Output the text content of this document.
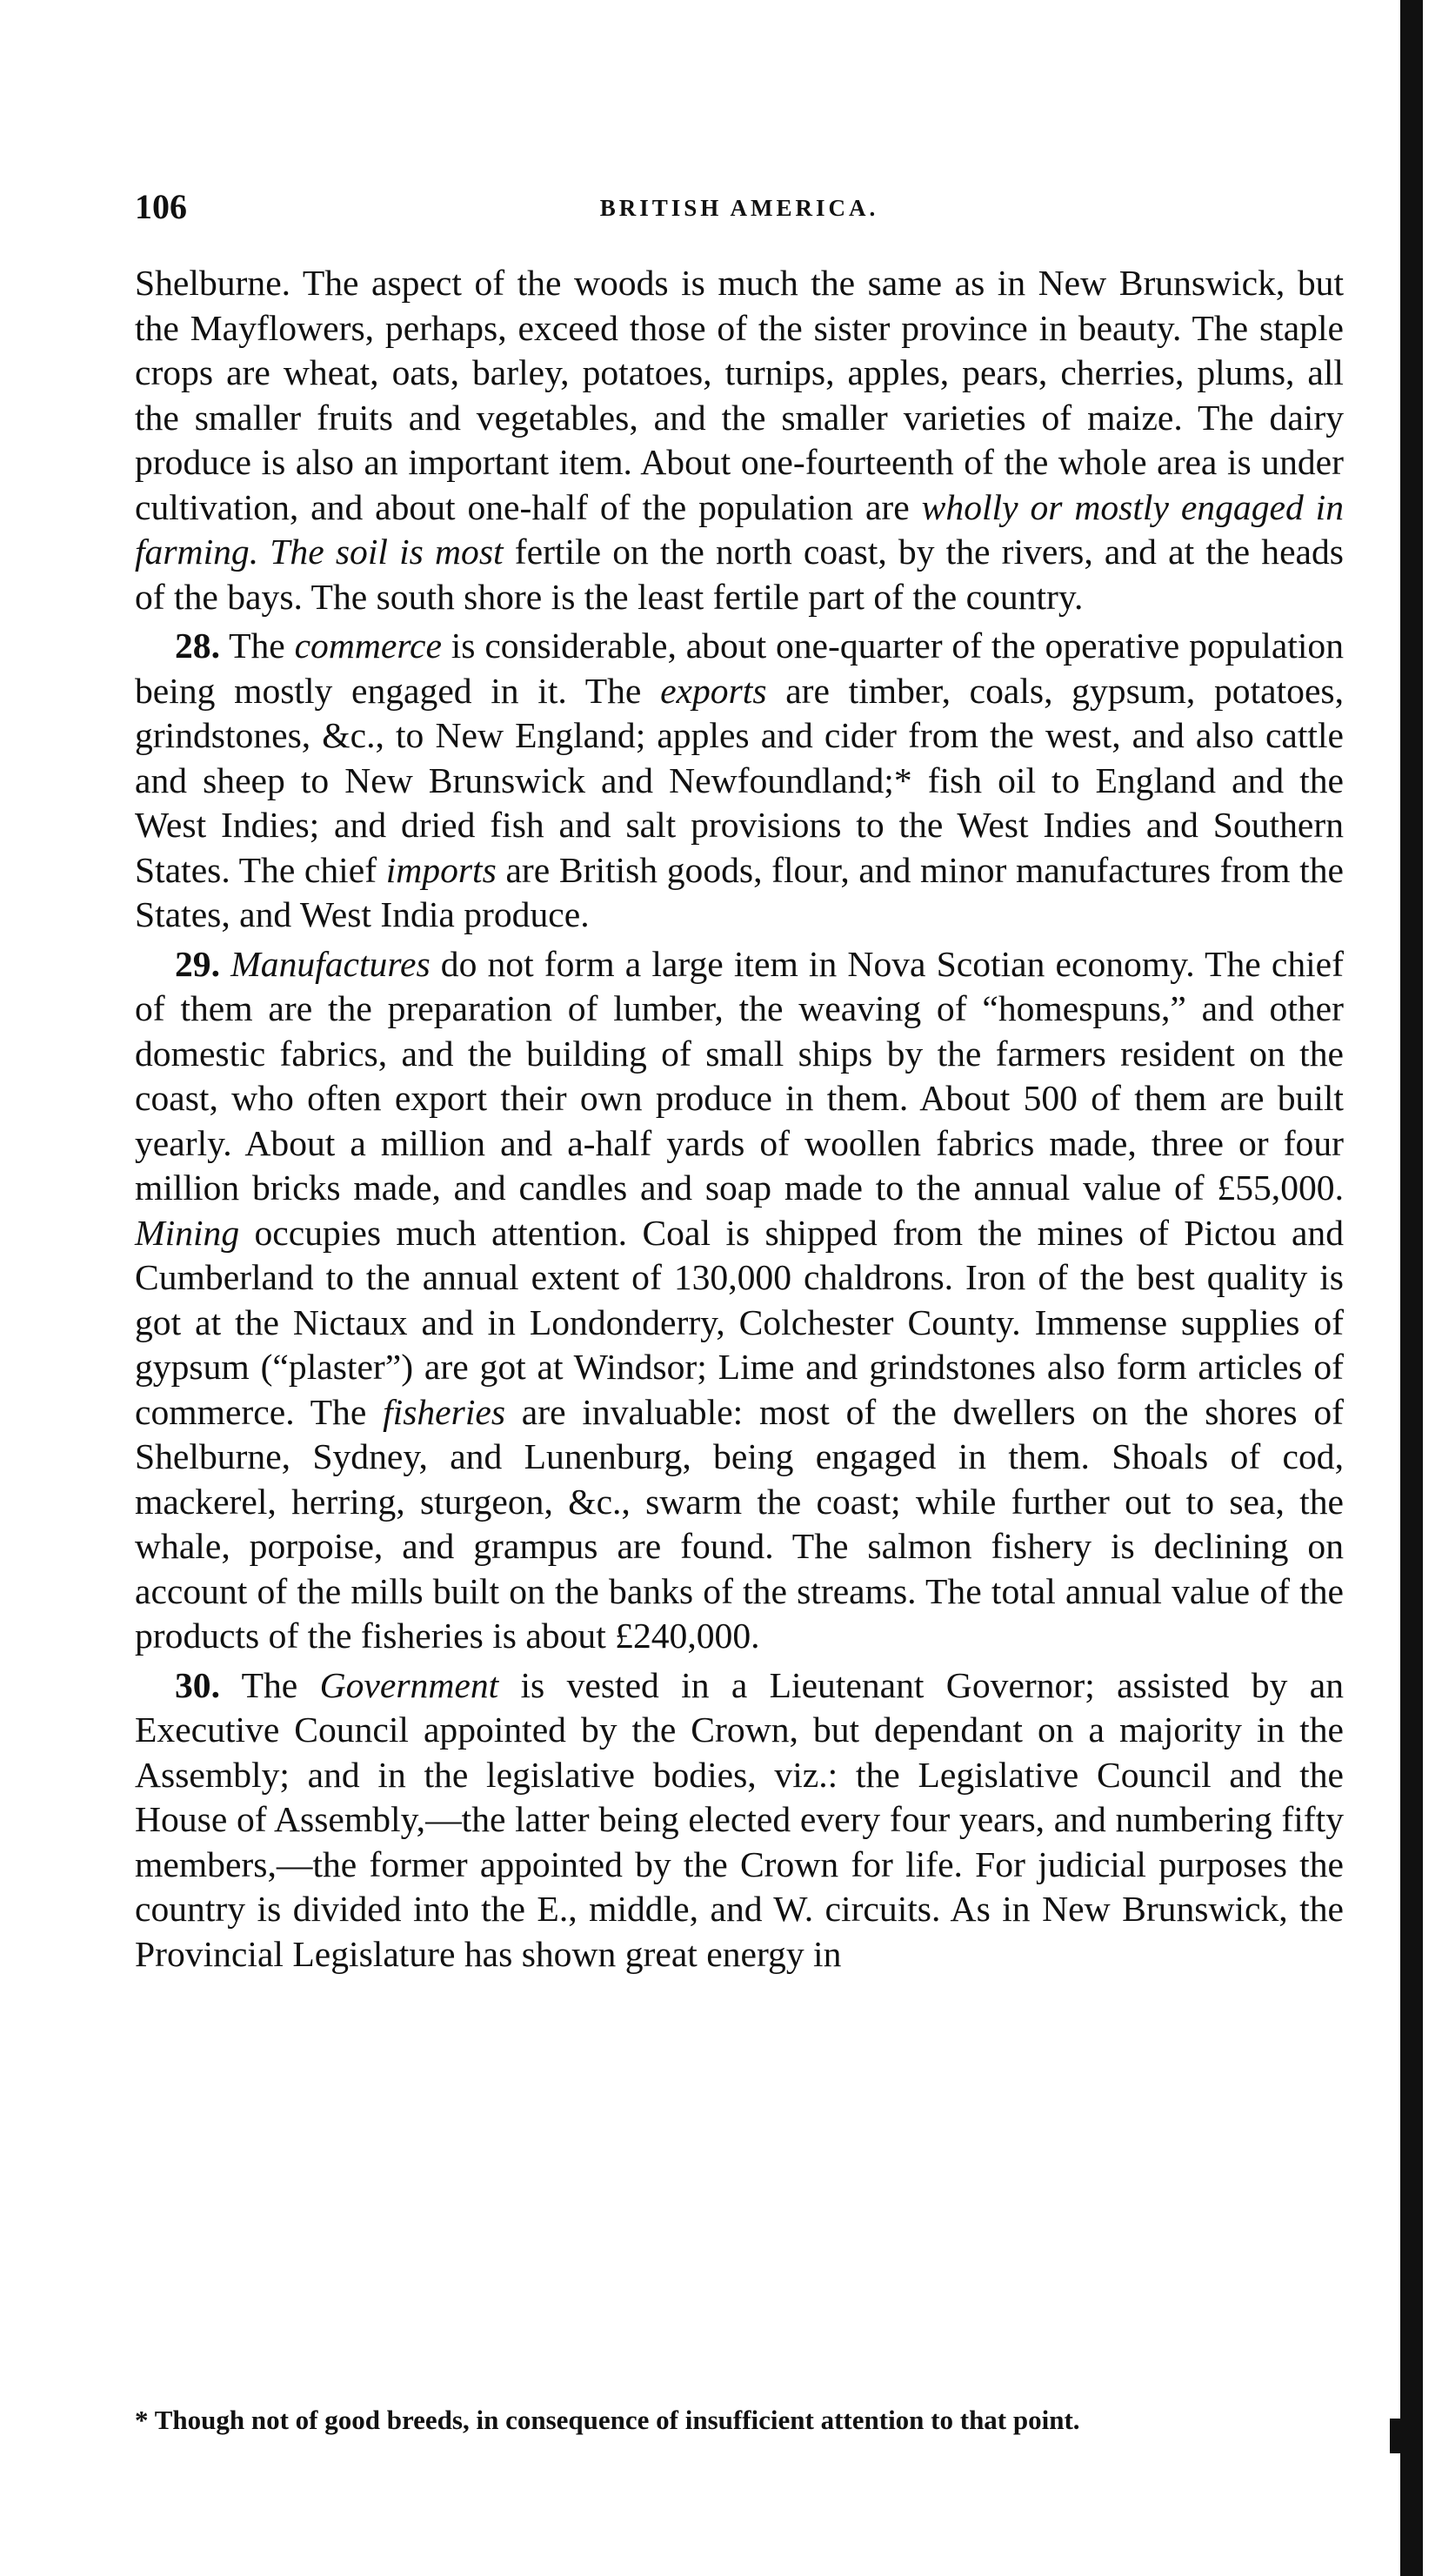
106	BRITISH AMERICA.

Shelburne. The aspect of the woods is much the same as in New Brunswick, but the Mayflowers, perhaps, exceed those of the sister province in beauty. The staple crops are wheat, oats, barley, potatoes, turnips, apples, pears, cherries, plums, all the smaller fruits and vegetables, and the smaller varieties of maize. The dairy produce is also an important item. About one-fourteenth of the whole area is under cultivation, and about one-half of the population are wholly or mostly engaged in farming. The soil is most fertile on the north coast, by the rivers, and at the heads of the bays. The south shore is the least fertile part of the country.

28. The commerce is considerable, about one-quarter of the operative population being mostly engaged in it. The exports are timber, coals, gypsum, potatoes, grindstones, &c., to New England; apples and cider from the west, and also cattle and sheep to New Brunswick and Newfoundland;* fish oil to England and the West Indies; and dried fish and salt provisions to the West Indies and Southern States. The chief imports are British goods, flour, and minor manufactures from the States, and West India produce.

29. Manufactures do not form a large item in Nova Scotian economy. The chief of them are the preparation of lumber, the weaving of “homespuns,” and other domestic fabrics, and the building of small ships by the farmers resident on the coast, who often export their own produce in them. About 500 of them are built yearly. About a million and a-half yards of woollen fabrics made, three or four million bricks made, and candles and soap made to the annual value of £55,000. Mining occupies much attention. Coal is shipped from the mines of Pictou and Cumberland to the annual extent of 130,000 chaldrons. Iron of the best quality is got at the Nictaux and in Londonderry, Colchester County. Immense supplies of gypsum (“plaster”) are got at Windsor; Lime and grindstones also form articles of commerce. The fisheries are invaluable: most of the dwellers on the shores of Shelburne, Sydney, and Lunenburg, being engaged in them. Shoals of cod, mackerel, herring, sturgeon, &c., swarm the coast; while further out to sea, the whale, porpoise, and grampus are found. The salmon fishery is declining on account of the mills built on the banks of the streams. The total annual value of the products of the fisheries is about £240,000.

30. The Government is vested in a Lieutenant Governor; assisted by an Executive Council appointed by the Crown, but dependant on a majority in the Assembly; and in the legislative bodies, viz.: the Legislative Council and the House of Assembly,—the latter being elected every four years, and numbering fifty members,—the former appointed by the Crown for life. For judicial purposes the country is divided into the E., middle, and W. circuits. As in New Brunswick, the Provincial Legislature has shown great energy in

* Though not of good breeds, in consequence of insufficient attention to that point.
